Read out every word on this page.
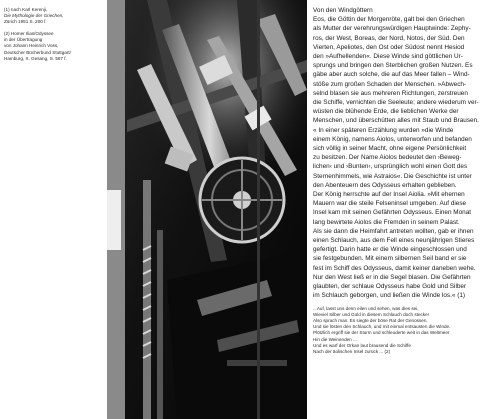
(1) nach Karl Kerenji,
Die Mythologie der Griechen,
Zürich 1951 S. 200 f.
(2) Homer Ilias/Odyssee
in der Übertragung
von Johann Heinrich Voss,
Deutscher Bücherbund Stuttgart/
Hamburg, X. Gesang, S. 567 f.
Von den Windgöttern
Eos, die Göttin der Morgenröte, galt bei den Griechen
als Mutter der verehrungswürdigen Hauptwinde: Zephy-
ros, der West, Boreas, der Nord, Notos, der Süd. Den
Vierten, Apeliotes, den Ost oder Südost nennt Hesiod
den »Aufhellenden«. Diese Winde sind göttlichen Ur-
sprungs und bringen den Sterblichen großen Nutzen. Es
gäbe aber auch solche, die auf das Meer fallen – Wind-
stöße zum großen Schaden der Menschen. »Abwech-
selnd blasen sie aus mehreren Richtungen, zerstreuen
die Schiffe, vernichten die Seeleute; andere wiederum ver-
wüsten die blühende Erde, die lieblichen Werke der
Menschen, und überschütten alles mit Staub und Brausen.
« In einer späteren Erzählung wurden »die Winde
einem König, namens Aiolos, unterworfen und befanden
sich völlig in seiner Macht, ohne eigene Persönlichkeit
zu besitzen. Der Name Aiolos bedeutet den ›Beweg-
lichen‹ und ›Bunten‹, ursprünglich wohl einen Gott des
Sternenhimmels, wie Astraios«. Die Geschichte ist unter
den Abenteuern des Odysseus erhalten geblieben.
Der König herrschte auf der Insel Aiolia. »Mit ehernen
Mauern war die steile Felseninsel umgeben. Auf diese
Insel kam mit seinen Gefährten Odysseus. Einen Monat
lang bewirtete Aiolos die Fremden in seinem Palast.
Als sie dann die Heimfahrt antreten wollten, gab er ihnen
einen Schlauch, aus dem Fell eines neunjährigen Stieres
gefertigt. Darin hatte er die Winde eingeschlossen und
sie festgebunden. Mit einem silbernen Seil band er sie
fest im Schiff des Odysseus, damit keiner daneben wehe.
Nur den West ließ er in die Segel blasen. Die Gefährten
glaubten, der schlaue Odysseus habe Gold und Silber
im Schlauch geborgen, und ließen die Winde los.« (1)
...Auf, lasst uns denn eilen und sehen, was dies sei,
Wieviel Silber und Gold in diesem Schlauch doch stecke!
Also sprach man. Es siegte der böse Rat der Genossen.
Und sie lösten den Schlauch, und mit einmal entsausten die Winde.
Plötzlich ergriff sie der Sturm und schleuderte weit in das Weltmeer
Hin die Weinenden ...
Und es warf der Orkan laut brausend die Schiffe
Nach der äolischen Insel zurück ... (2)
